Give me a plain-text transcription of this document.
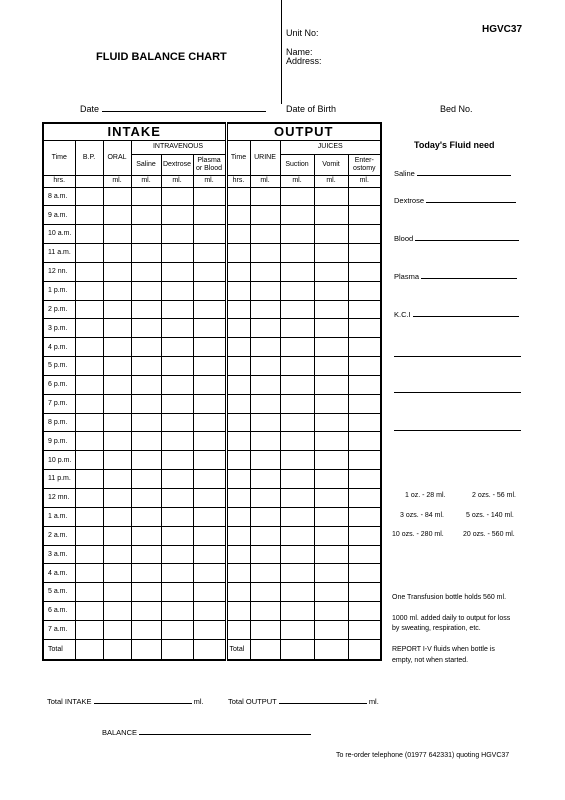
FLUID BALANCE CHART
Unit No:
Name:
Address:
HGVC37
Date	Date of Birth	Bed No.
INTAKE						OUTPUT				
Time	B.P.	ORAL	INTRAVENOUS			Time	URINE	JUICES		
			Saline	Dextrose	Plasma or Blood			Suction	Vomit	Enter- ostomy
hrs.		ml.	ml.	ml.	ml.	hrs.	ml.	ml.	ml.	ml.
8 a.m.										
9 a.m.										
10 a.m.										
11 a.m.										
12 nn.										
1 p.m.										
2 p.m.										
3 p.m.										
4 p.m.										
5 p.m.										
6 p.m.										
7 p.m.										
8 p.m.										
9 p.m.										
10 p.m.										
11 p.m.										
12 mn.										
1 a.m.										
2 a.m.										
3 a.m.										
4 a.m.										
5 a.m.										
6 a.m.										
7 a.m.										
Total						Total				
Today's Fluid need
Saline
Dextrose
Blood
Plasma
K.C.I
1 oz. - 28 ml.	2 ozs. - 56 ml.
3 ozs. - 84 ml.	5 ozs. - 140 ml.
10 ozs. - 280 ml.	20 ozs. - 560 ml.
One Transfusion bottle holds 560 ml.
1000 ml. added daily to output for loss
by sweating, respiration, etc.
REPORT I-V fluids when bottle is
empty, not when started.
Total INTAKE	ml.	Total OUTPUT	ml.
BALANCE
To re-order telephone (01977 642331) quoting HGVC37
